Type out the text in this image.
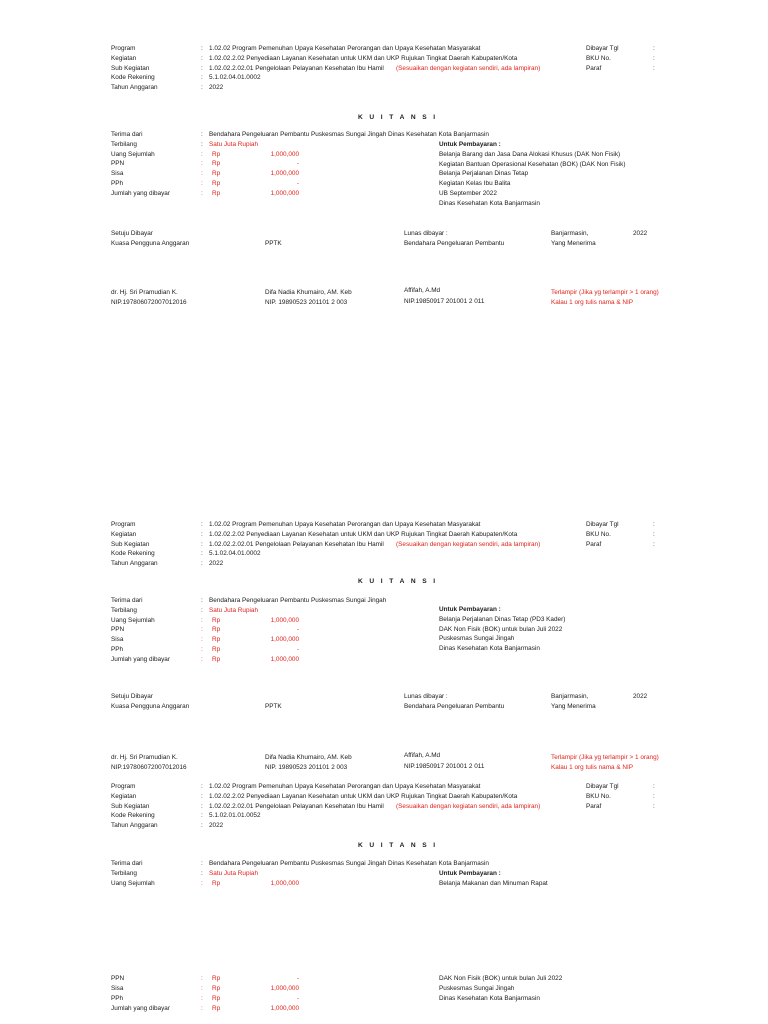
Program	: 1.02.02 Program Pemenuhan Upaya Kesehatan Perorangan dan Upaya Kesehatan Masyarakat
Kegiatan	: 1.02.02.2.02 Penyediaan Layanan Kesehatan untuk UKM dan UKP Rujukan Tingkat Daerah Kabupaten/Kota
Sub Kegiatan	: 1.02.02.2.02.01 Pengelolaan Pelayanan Kesehatan Ibu Hamil (Sesuaikan dengan kegiatan sendiri, ada lampiran)
Kode Rekening	: 5.1.02.04.01.0002
Tahun Anggaran	: 2022
Dibayar Tgl	:
BKU No.	:
Paraf	:
K U I T A N S I
Terima dari	: Bendahara Pengeluaran Pembantu Puskesmas Sungai Jingah Dinas Kesehatan Kota Banjarmasin
Terbilang	: Satu Juta Rupiah
Uang Sejumlah	: Rp	1,000,000
PPN	: Rp	-
Sisa	: Rp	1,000,000
PPh	: Rp	-
Jumlah yang dibayar	: Rp	1,000,000
Untuk Pembayaran :
Belanja Barang dan Jasa Dana Alokasi Khusus (DAK Non Fisik)
Kegiatan Bantuan Operasional Kesehatan (BOK) (DAK Non Fisik)
Belanja Perjalanan Dinas Tetap
Kegiatan Kelas Ibu Balita
UB September 2022
Dinas Kesehatan Kota Banjarmasin
Setuju Dibayar
Kuasa Pengguna Anggaran	PPTK
Lunas dibayar :
Bendahara Pengeluaran Pembantu
Banjarmasin,	2022
Yang Menerima
dr. Hj. Sri Pramudian K.
NIP.197806072007012016
Difa Nadia Khumairo, AM. Keb
NIP. 19890523 201101 2 003
Affifah, A.Md
NIP.19850917 201001 2 011
Terlampir (Jika yg terlampir > 1 orang)
Kalau 1 org tulis nama & NIP
Program	: 1.02.02 Program Pemenuhan Upaya Kesehatan Perorangan dan Upaya Kesehatan Masyarakat
Kegiatan	: 1.02.02.2.02 Penyediaan Layanan Kesehatan untuk UKM dan UKP Rujukan Tingkat Daerah Kabupaten/Kota
Sub Kegiatan	: 1.02.02.2.02.01 Pengelolaan Pelayanan Kesehatan Ibu Hamil (Sesuaikan dengan kegiatan sendiri, ada lampiran)
Kode Rekening	: 5.1.02.04.01.0002
Tahun Anggaran	: 2022
Dibayar Tgl	:
BKU No.	:
Paraf	:
K U I T A N S I
Terima dari	: Bendahara Pengeluaran Pembantu Puskesmas Sungai Jingah
Terbilang	: Satu Juta Rupiah
Uang Sejumlah	: Rp	1,000,000
PPN	: Rp	-
Sisa	: Rp	1,000,000
PPh	: Rp	-
Jumlah yang dibayar	: Rp	1,000,000
Untuk Pembayaran :
Belanja Perjalanan Dinas Tetap (PD3 Kader)
DAK Non Fisik (BOK) untuk bulan Juli 2022
Puskesmas Sungai Jingah
Dinas Kesehatan Kota Banjarmasin
Setuju Dibayar
Kuasa Pengguna Anggaran	PPTK
Lunas dibayar :
Bendahara Pengeluaran Pembantu
Banjarmasin,	2022
Yang Menerima
dr. Hj. Sri Pramudian K.
NIP.197806072007012016
Difa Nadia Khumairo, AM. Keb
NIP. 19890523 201101 2 003
Affifah, A.Md
NIP.19850917 201001 2 011
Terlampir (Jika yg terlampir > 1 orang)
Kalau 1 org tulis nama & NIP
Program	: 1.02.02 Program Pemenuhan Upaya Kesehatan Perorangan dan Upaya Kesehatan Masyarakat
Kegiatan	: 1.02.02.2.02 Penyediaan Layanan Kesehatan untuk UKM dan UKP Rujukan Tingkat Daerah Kabupaten/Kota
Sub Kegiatan	: 1.02.02.2.02.01 Pengelolaan Pelayanan Kesehatan Ibu Hamil (Sesuaikan dengan kegiatan sendiri, ada lampiran)
Kode Rekening	: 5.1.02.01.01.0052
Tahun Anggaran	: 2022
Dibayar Tgl	:
BKU No.	:
Paraf	:
K U I T A N S I
Terima dari	: Bendahara Pengeluaran Pembantu Puskesmas Sungai Jingah Dinas Kesehatan Kota Banjarmasin
Terbilang	: Satu Juta Rupiah
Uang Sejumlah	: Rp	1,000,000
PPN	: Rp	-
Sisa	: Rp	1,000,000
PPh	: Rp	-
Jumlah yang dibayar	: Rp	1,000,000
Untuk Pembayaran :
Belanja Makanan dan Minuman Rapat
DAK Non Fisik (BOK) untuk bulan Juli 2022
Puskesmas Sungai Jingah
Dinas Kesehatan Kota Banjarmasin
